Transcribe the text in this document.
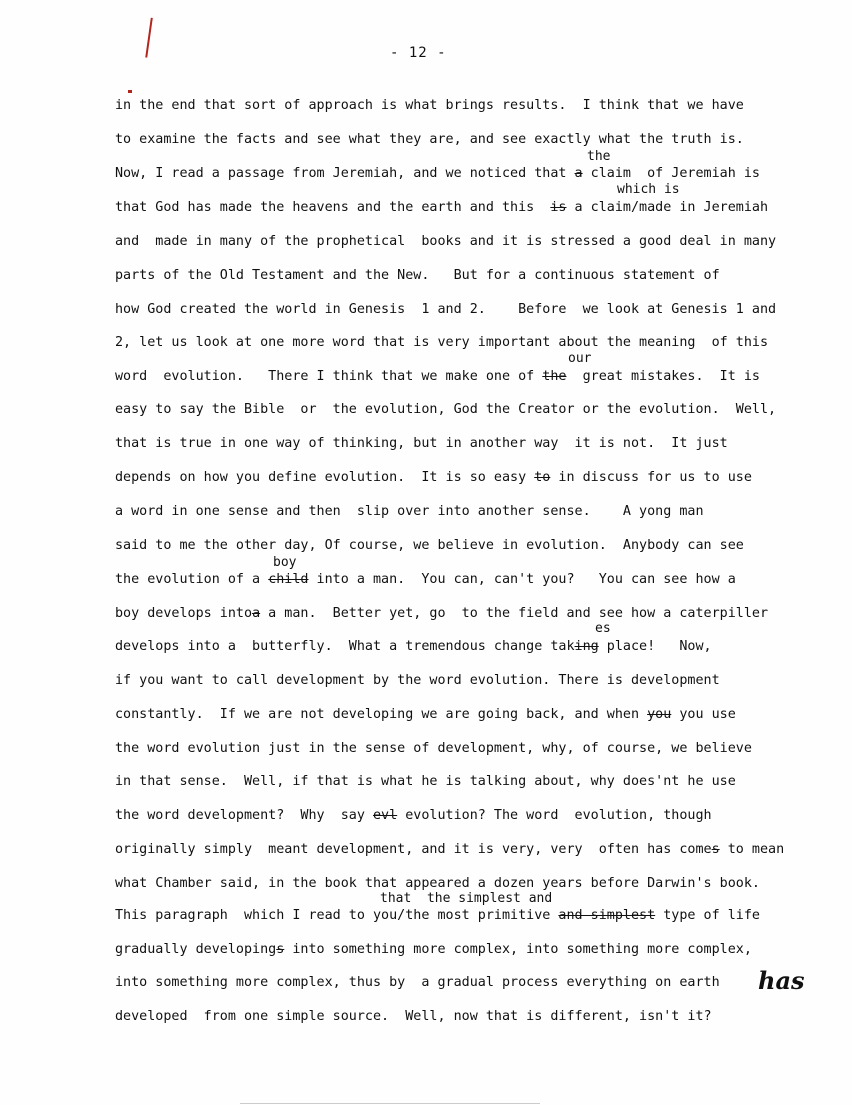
- 12 -
in the end that sort of approach is what brings results.  I think that we have
to examine the facts and see what they are, and see exactly what the truth is.
the
Now, I read a passage from Jeremiah, and we noticed that a claim  of Jeremiah is
which is
that God has made the heavens and the earth and this is a claim/made in Jeremiah
and  made in many of the prophetical  books and it is stressed a good deal in many
parts of the Old Testament and the New.   But for a continuous statement of
how God created the world in Genesis  1 and 2.    Before  we look at Genesis 1 and
2, let us look at one more word that is very important about the meaning  of this
our
word  evolution.   There I think that we make one of the  great mistakes.  It is
easy to say the Bible  or  the evolution, God the Creator or the evolution.  Well,
that is true in one way of thinking, but in another way  it is not.  It just
depends on how you define evolution.  It is so easy to in discuss for us to use
a word in one sense and then  slip over into another sense.    A yong man
said to me the other day, Of course, we believe in evolution.  Anybody can see
boy
the evolution of a child into a man.  You can, can't you?   You can see how a
boy develops intoa a man.  Better yet, go  to the field and see how a caterpiller
es
develops into a  butterfly.  What a tremendous change taking place!   Now,
if you want to call development by the word evolution. There is development
constantly.  If we are not developing we are going back, and when you you use
the word evolution just in the sense of development, why, of course, we believe
in that sense.  Well, if that is what he is talking about, why does'nt he use
the word development?  Why  say evl evolution? The word  evolution, though
originally simply  meant development, and it is very, very  often has comes to mean
what Chamber said, in the book that appeared a dozen years before Darwin's book.
that  the simplest and
This paragraph  which I read to you/the most primitive and simplest type of life
gradually developings into something more complex, into something more complex,
into something more complex, thus by  a gradual process everything on earth has
developed  from one simple source.  Well, now that is different, isn't it?
